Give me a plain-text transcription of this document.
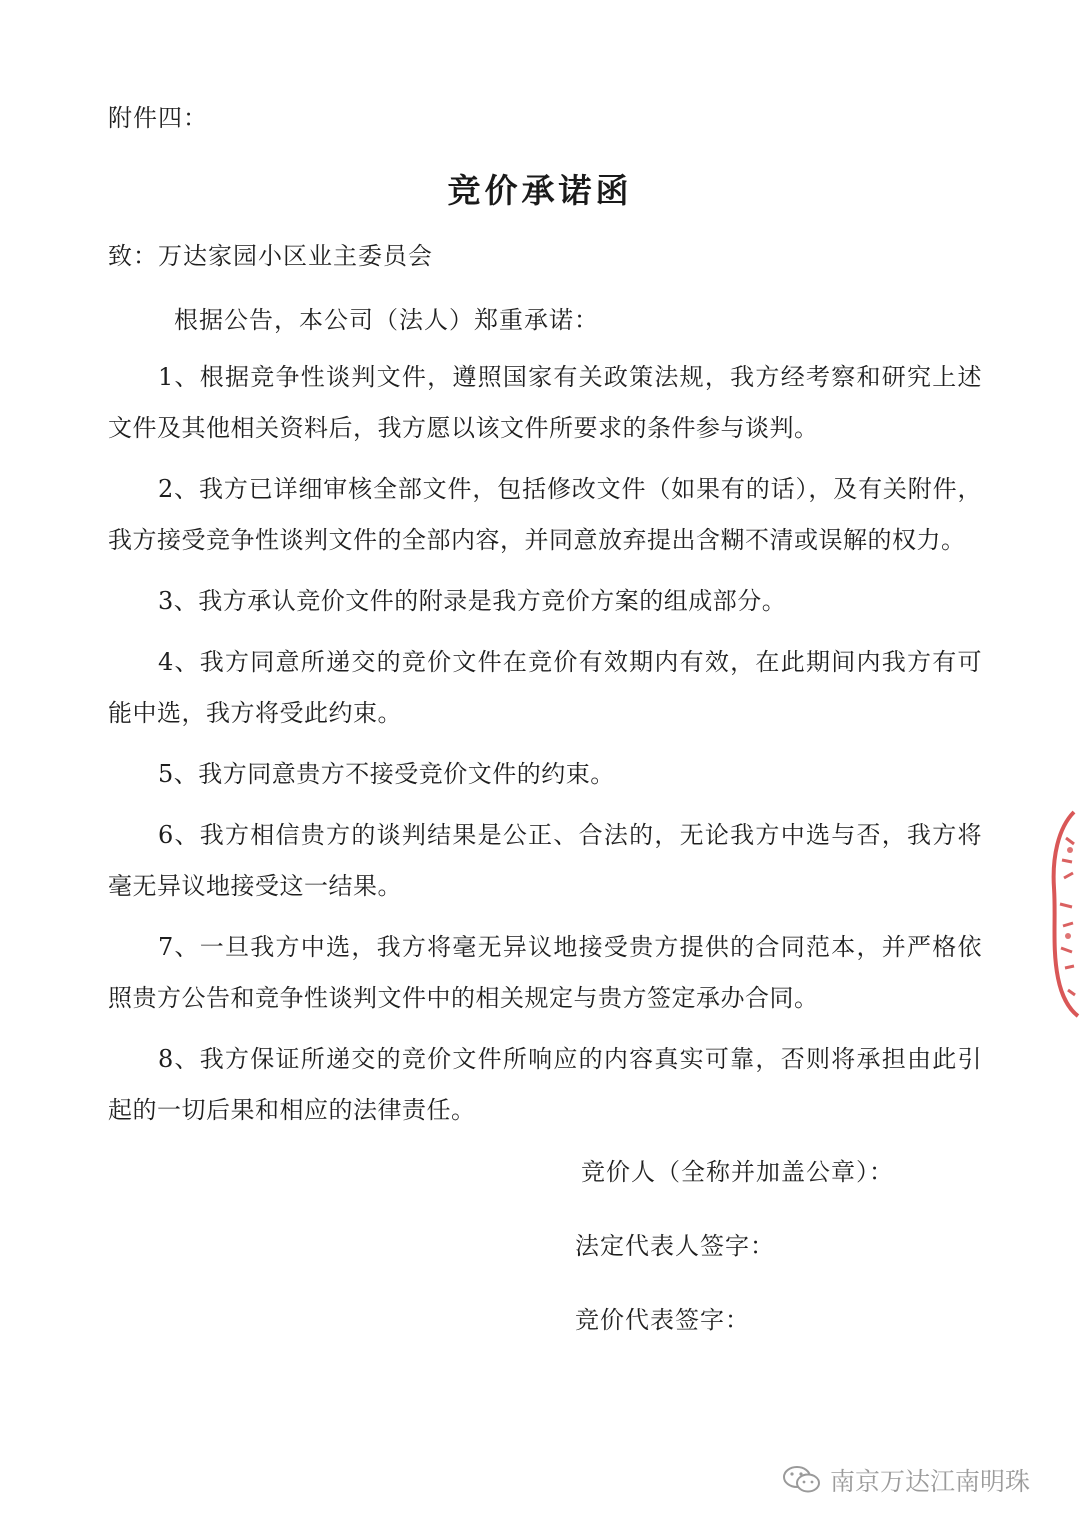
附件四：
竞价承诺函
致：万达家园小区业主委员会
根据公告，本公司（法人）郑重承诺：

1、根据竞争性谈判文件，遵照国家有关政策法规，我方经考察和研究上述文件及其他相关资料后，我方愿以该文件所要求的条件参与谈判。

2、我方已详细审核全部文件，包括修改文件（如果有的话），及有关附件，我方接受竞争性谈判文件的全部内容，并同意放弃提出含糊不清或误解的权力。

3、我方承认竞价文件的附录是我方竞价方案的组成部分。

4、我方同意所递交的竞价文件在竞价有效期内有效，在此期间内我方有可能中选，我方将受此约束。

5、我方同意贵方不接受竞价文件的约束。

6、我方相信贵方的谈判结果是公正、合法的，无论我方中选与否，我方将毫无异议地接受这一结果。

7、一旦我方中选，我方将毫无异议地接受贵方提供的合同范本，并严格依照贵方公告和竞争性谈判文件中的相关规定与贵方签定承办合同。

8、我方保证所递交的竞价文件所响应的内容真实可靠，否则将承担由此引起的一切后果和相应的法律责任。

竞价人（全称并加盖公章）：
法定代表人签字：
竞价代表签字：
南京万达江南明珠
